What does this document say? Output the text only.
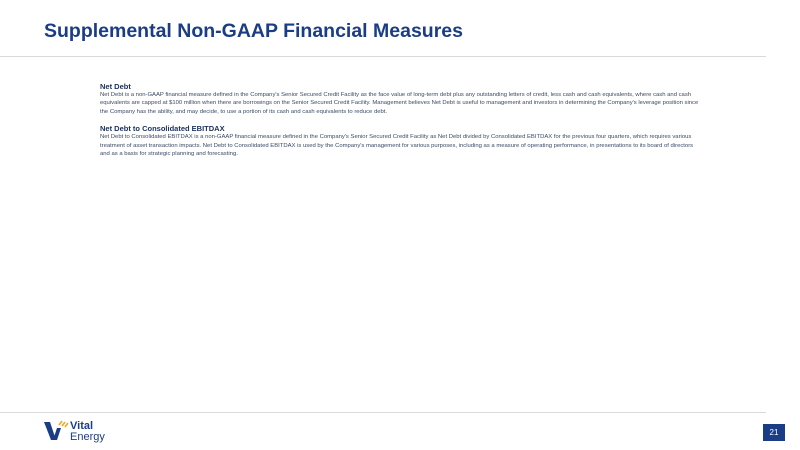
Supplemental Non-GAAP Financial Measures

Net Debt

Net Debt is a non-GAAP financial measure defined in the Company's Senior Secured Credit Facility as the face value of long-term debt plus any outstanding letters of credit, less cash and cash equivalents, where cash and cash equivalents are capped at $100 million when there are borrowings on the Senior Secured Credit Facility. Management believes Net Debt is useful to management and investors in determining the Company's leverage position since the Company has the ability, and may decide, to use a portion of its cash and cash equivalents to reduce debt.

Net Debt to Consolidated EBITDAX

Net Debt to Consolidated EBITDAX is a non-GAAP financial measure defined in the Company's Senior Secured Credit Facility as Net Debt divided by Consolidated EBITDAX for the previous four quarters, which requires various treatment of asset transaction impacts. Net Debt to Consolidated EBITDAX is used by the Company's management for various purposes, including as a measure of operating performance, in presentations to its board of directors and as a basis for strategic planning and forecasting.

Vital
Energy	21
